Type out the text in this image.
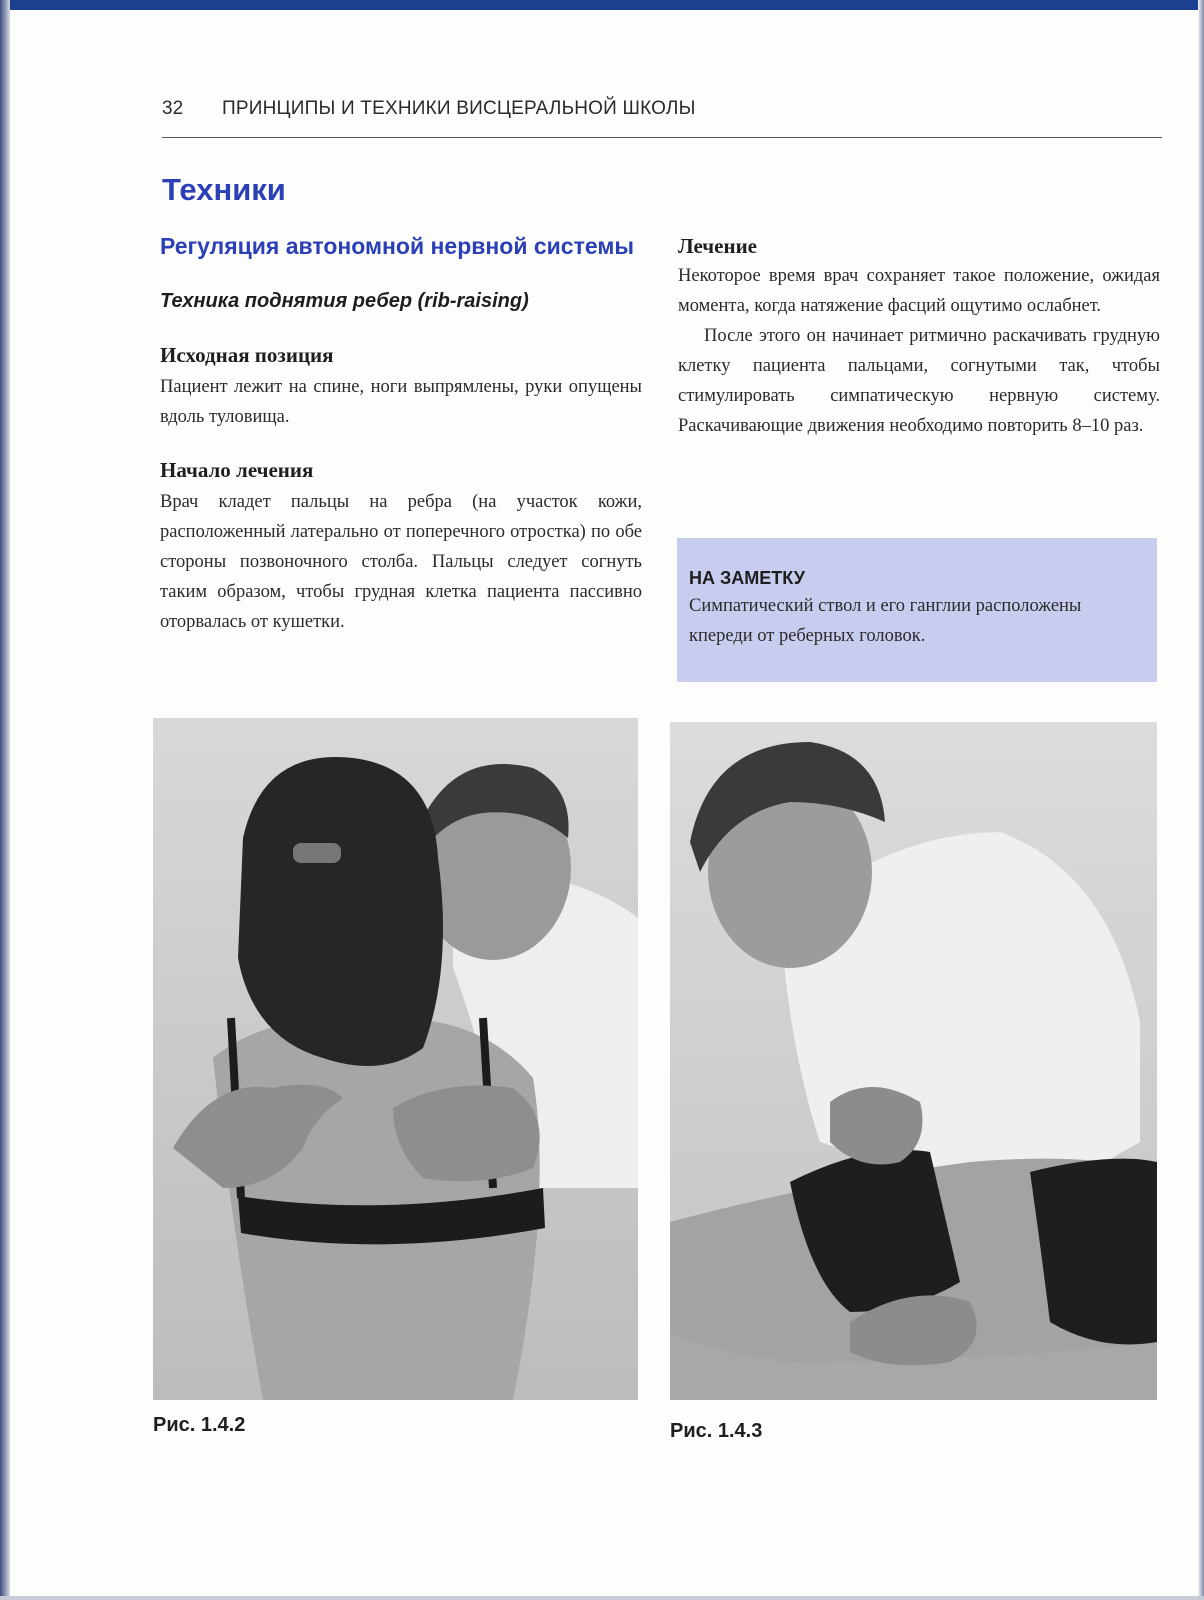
32 ПРИНЦИПЫ И ТЕХНИКИ ВИСЦЕРАЛЬНОЙ ШКОЛЫ
Техники
Регуляция автономной нервной системы
Техника поднятия ребер (rib-raising)
Исходная позиция

Пациент лежит на спине, ноги выпрямлены, руки опущены вдоль туловища.

Начало лечения

Врач кладет пальцы на ребра (на участок кожи, расположенный латерально от поперечного отростка) по обе стороны позвоночного столба. Пальцы следует согнуть таким образом, чтобы грудная клетка пациента пассивно оторвалась от кушетки.

Лечение

Некоторое время врач сохраняет такое положение, ожидая момента, когда натяжение фасций ощутимо ослабнет.

После этого он начинает ритмично раскачивать грудную клетку пациента пальцами, согнутыми так, чтобы стимулировать симпатическую нервную систему. Раскачивающие движения необходимо повторить 8–10 раз.

НА ЗАМЕТКУ

Симпатический ствол и его ганглии расположены кпереди от реберных головок.

Рис. 1.4.2	Рис. 1.4.3
